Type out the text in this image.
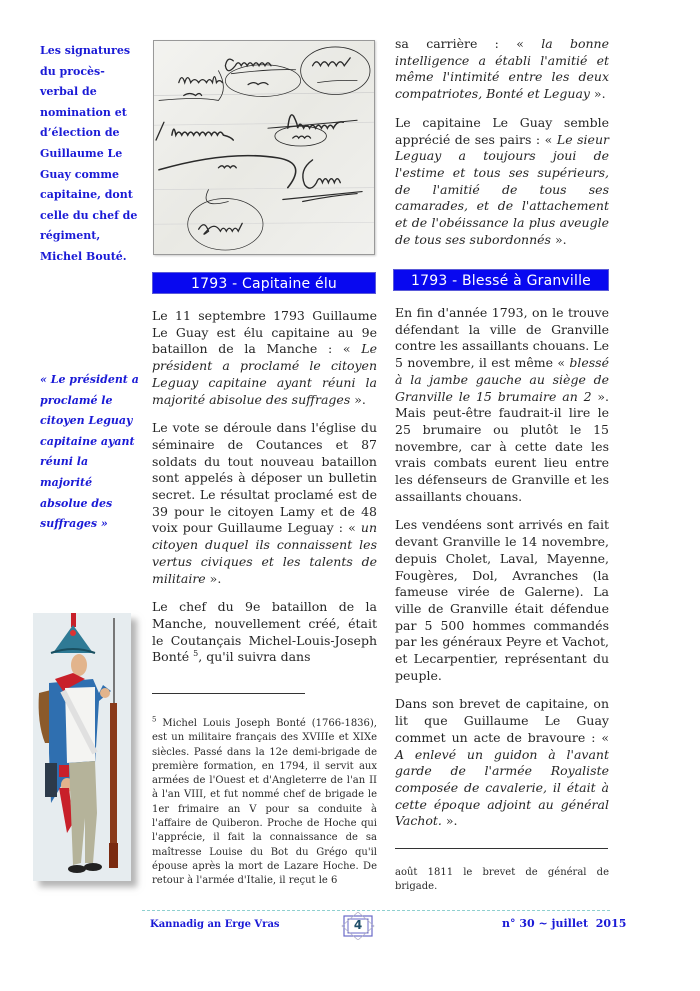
Les signatures du procès-verbal de nomination et d’élection de Guillaume Le Guay comme capitaine, dont celle du chef de régiment, Michel Bouté.
« Le président a proclamé le citoyen Leguay capitaine ayant réuni la majorité absolue des suffrages »
1793 - Capitaine élu	1793 - Blessé à Granville

Le 11 septembre 1793 Guillaume Le Guay est élu capitaine au 9e bataillon de la Manche : « Le président a proclamé le citoyen Leguay capitaine ayant réuni la majorité abisolue des suffrages ».

Le vote se déroule dans l'église du séminaire de Coutances et 87 soldats du tout nouveau bataillon sont appelés à déposer un bulletin secret. Le résultat proclamé est de 39 pour le citoyen Lamy et de 48 voix pour Guillaume Leguay : « un citoyen duquel ils connaissent les vertus civiques et les talents de militaire ».

Le chef du 9e bataillon de la Manche, nouvellement créé, était le Coutançais Michel-Louis-Joseph Bonté $^5$, qu'il suivra dans

$^5$ Michel Louis Joseph Bonté (1766-1836), est un militaire français des XVIIIe et XIXe siècles. Passé dans la 12e demi-brigade de première formation, en 1794, il servit aux armées de l'Ouest et d'Angleterre de l'an II à l'an VIII, et fut nommé chef de brigade le 1er frimaire an V pour sa conduite à l'affaire de Quiberon. Proche de Hoche qui l'apprécie, il fait la connaissance de sa maîtresse Louise du Bot du Grégo qu'il épouse après la mort de Lazare Hoche. De retour à l'armée d'Italie, il reçut le 6

sa carrière : « la bonne intelligence a établi l'amitié et même l'intimité entre les deux compatriotes, Bonté et Leguay ».

Le capitaine Le Guay semble apprécié de ses pairs : « Le sieur Leguay a toujours joui de l'estime et tous ses supérieurs, de l'amitié de tous ses camarades, et de l'attachement et de l'obéissance la plus aveugle de tous ses subordonnés ».

En fin d'année 1793, on le trouve défendant la ville de Granville contre les assaillants chouans. Le 5 novembre, il est même « blessé à la jambe gauche au siège de Granville le 15 brumaire an 2 ». Mais peut-être faudrait-il lire le 25 brumaire ou plutôt le 15 novembre, car à cette date les vrais combats eurent lieu entre les défenseurs de Granville et les assaillants chouans.

Les vendéens sont arrivés en fait devant Granville le 14 novembre, depuis Cholet, Laval, Mayenne, Fougères, Dol, Avranches (la fameuse virée de Galerne). La ville de Granville était défendue par 5 500 hommes commandés par les généraux Peyre et Vachot, et Lecarpentier, représentant du peuple.

Dans son brevet de capitaine, on lit que Guillaume Le Guay commet un acte de bravoure : « A enlevé un guidon à l'avant garde de l'armée Royaliste composée de cavalerie, il était à cette époque adjoint au général Vachot. ».

août 1811 le brevet de général de brigade.
Kannadig an Erge Vras	4	n° 30 ~ juillet  2015
